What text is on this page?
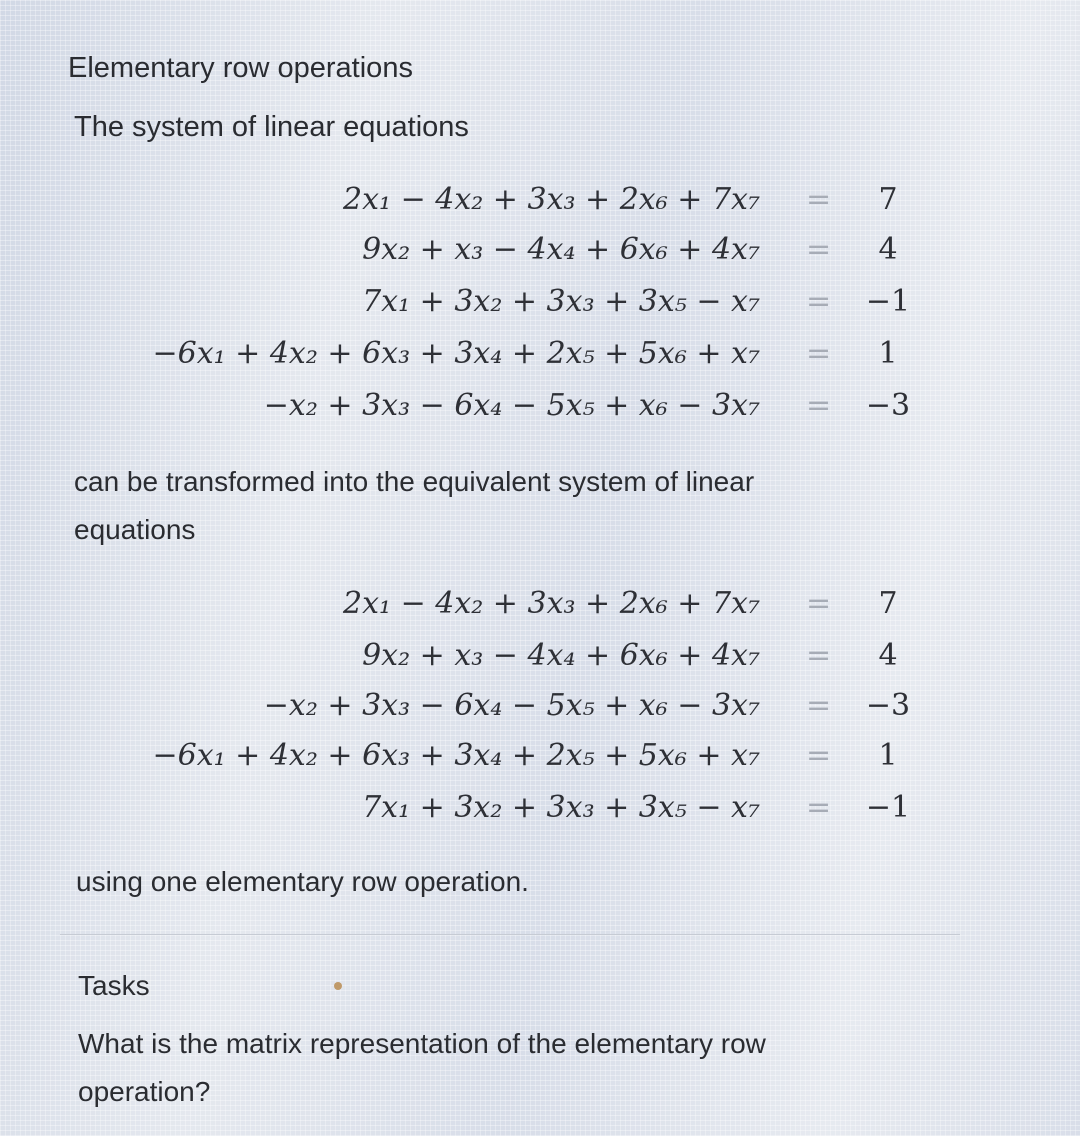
Elementary row operations
The system of linear equations
2x₁ − 4x₂ + 3x₃ + 2x₆ + 7x₇ =	7
9x₂ + x₃ − 4x₄ + 6x₆ + 4x₇ =	4
7x₁ + 3x₂ + 3x₃ + 3x₅ − x₇ = −1
−6x₁ + 4x₂ + 6x₃ + 3x₄ + 2x₅ + 5x₆ + x₇ =	1
−x₂ + 3x₃ − 6x₄ − 5x₅ + x₆ − 3x₇ = −3
can be transformed into the equivalent system of linear equations
2x₁ − 4x₂ + 3x₃ + 2x₆ + 7x₇ =	7
9x₂ + x₃ − 4x₄ + 6x₆ + 4x₇ =	4
−x₂ + 3x₃ − 6x₄ − 5x₅ + x₆ − 3x₇ = −3
−6x₁ + 4x₂ + 6x₃ + 3x₄ + 2x₅ + 5x₆ + x₇ =	1
7x₁ + 3x₂ + 3x₃ + 3x₅ − x₇ = −1
using one elementary row operation.
Tasks
What is the matrix representation of the elementary row operation?
